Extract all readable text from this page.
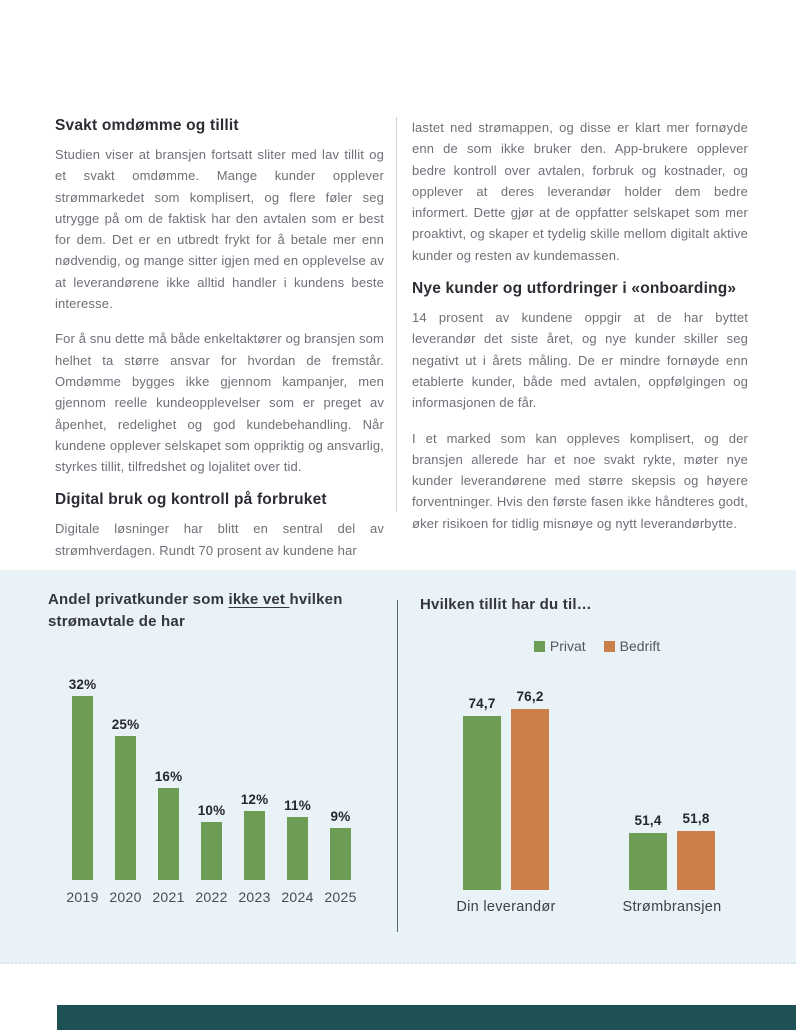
Svakt omdømme og tillit

Studien viser at bransjen fortsatt sliter med lav tillit og et svakt omdømme. Mange kunder opplever strømmarkedet som komplisert, og flere føler seg utrygge på om de faktisk har den avtalen som er best for dem. Det er en utbredt frykt for å betale mer enn nødvendig, og mange sitter igjen med en opplevelse av at leverandørene ikke alltid handler i kundens beste interesse.

For å snu dette må både enkeltaktører og bransjen som helhet ta større ansvar for hvordan de fremstår. Omdømme bygges ikke gjennom kampanjer, men gjennom reelle kundeopplevelser som er preget av åpenhet, redelighet og god kundebehandling. Når kundene opplever selskapet som oppriktig og ansvarlig, styrkes tillit, tilfredshet og lojalitet over tid.

Digital bruk og kontroll på forbruket

Digitale løsninger har blitt en sentral del av strømhverdagen. Rundt 70 prosent av kundene har

lastet ned strømappen, og disse er klart mer fornøyde enn de som ikke bruker den. App-brukere opplever bedre kontroll over avtalen, forbruk og kostnader, og opplever at deres leverandør holder dem bedre informert. Dette gjør at de oppfatter selskapet som mer proaktivt, og skaper et tydelig skille mellom digitalt aktive kunder og resten av kundemassen.

Nye kunder og utfordringer i «onboarding»

14 prosent av kundene oppgir at de har byttet leverandør det siste året, og nye kunder skiller seg negativt ut i årets måling. De er mindre fornøyde enn etablerte kunder, både med avtalen, oppfølgingen og informasjonen de får.

I et marked som kan oppleves komplisert, og der bransjen allerede har et noe svakt rykte, møter nye kunder leverandørene med større skepsis og høyere forventninger. Hvis den første fasen ikke håndteres godt, øker risikoen for tidlig misnøye og nytt leverandørbytte.

Andel privatkunder som ikke vet hvilken strømavtale de har
Hvilken tillit har du til…
Privat Bedrift
32%
2019
25%
2020
16%
2021
10%
2022
12%
2023
11%
2024
9%
2025
74,7 76,2
Din leverandør
51,4 51,8
Strømbransjen
